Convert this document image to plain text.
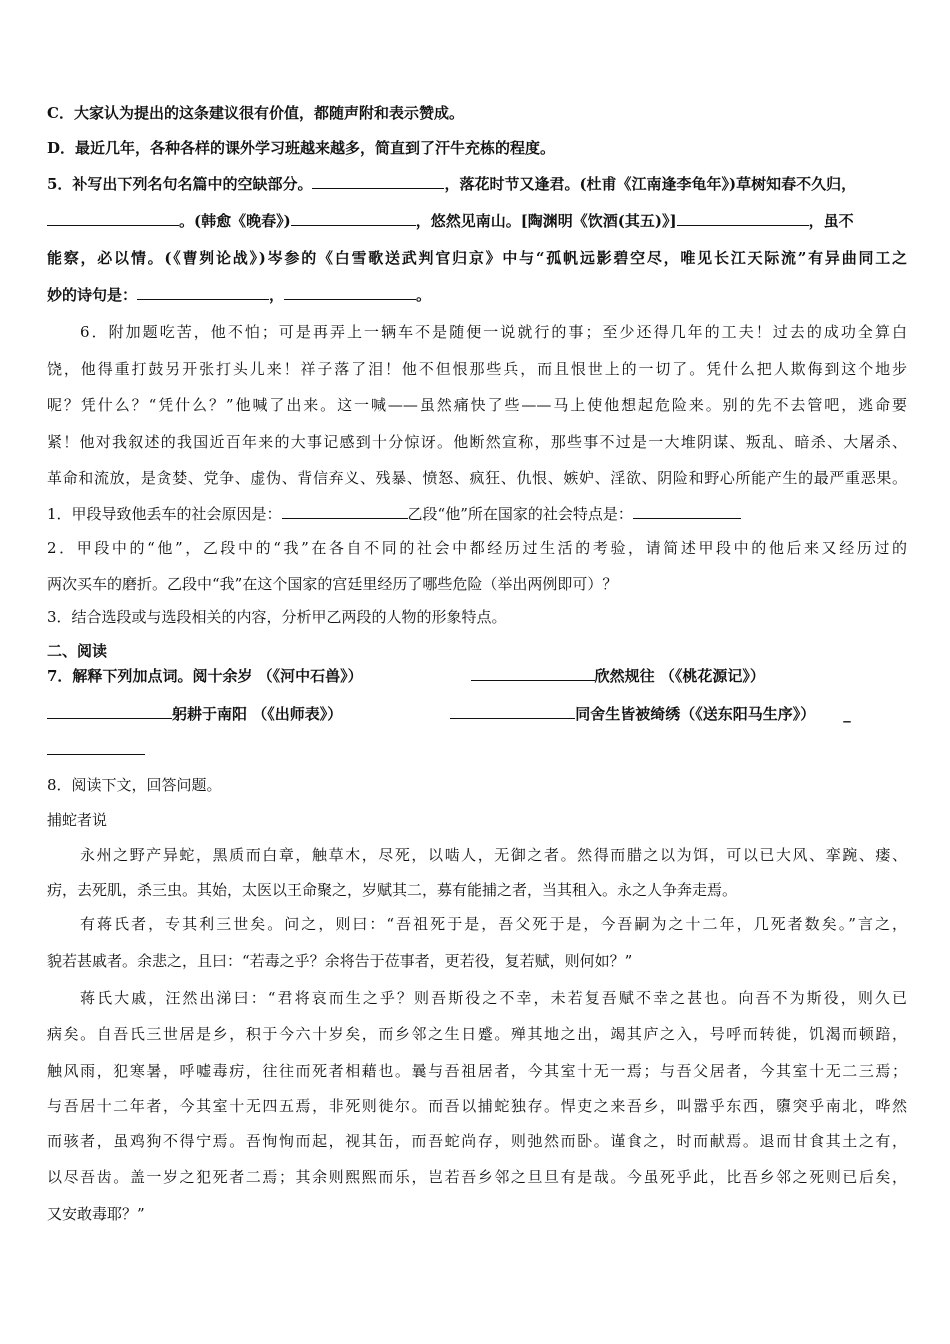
C．大家认为提出的这条建议很有价值，都随声附和表示赞成。
D．最近几年，各种各样的课外学习班越来越多，简直到了汗牛充栋的程度。
5．补写出下列名句名篇中的空缺部分。	，落花时节又逢君。(杜甫《江南逢李龟年》)草树知春不久归，
。(韩愈《晚春》)	，悠然见南山。[陶渊明《饮酒(其五)》]	，虽不
能察，必以情。(《曹刿论战》)岑参的《白雪歌送武判官归京》中与“孤帆远影碧空尽，唯见长江天际流”有异曲同工之
妙的诗句是：	，	。
6．附加题吃苦，他不怕；可是再弄上一辆车不是随便一说就行的事；至少还得几年的工夫！过去的成功全算白
饶，他得重打鼓另开张打头儿来！祥子落了泪！他不但恨那些兵，而且恨世上的一切了。凭什么把人欺侮到这个地步
呢？凭什么？“凭什么？”他喊了出来。这一喊——虽然痛快了些——马上使他想起危险来。别的先不去管吧，逃命要
紧！他对我叙述的我国近百年来的大事记感到十分惊讶。他断然宣称，那些事不过是一大堆阴谋、叛乱、暗杀、大屠杀、
革命和流放，是贪婪、党争、虚伪、背信弃义、残暴、愤怒、疯狂、仇恨、嫉妒、淫欲、阴险和野心所能产生的最严重恶果。
1．甲段导致他丢车的社会原因是：	乙段“他”所在国家的社会特点是：
2．甲段中的“他”，乙段中的“我”在各自不同的社会中都经历过生活的考验，请简述甲段中的他后来又经历过的
两次买车的磨折。乙段中“我”在这个国家的宫廷里经历了哪些危险（举出两例即可）？
3．结合选段或与选段相关的内容，分析甲乙两段的人物的形象特点。
二、阅读
7．解释下列加点词。阅十余岁 （《河中石兽》）	欣然规往 （《桃花源记》）
躬耕于南阳 （《出师表》）	同舍生皆被绮绣（《送东阳马生序》） _
8．阅读下文，回答问题。
捕蛇者说
永州之野产异蛇，黑质而白章，触草木，尽死，以啮人，无御之者。然得而腊之以为饵，可以已大风、挛踠、瘘、
疠，去死肌，杀三虫。其始，太医以王命聚之，岁赋其二，募有能捕之者，当其租入。永之人争奔走焉。
有蒋氏者，专其利三世矣。问之，则曰：“吾祖死于是，吾父死于是，今吾嗣为之十二年，几死者数矣。”言之，
貌若甚戚者。余悲之，且曰：“若毒之乎？余将告于莅事者，更若役，复若赋，则何如？”
蒋氏大戚，汪然出涕曰：“君将哀而生之乎？则吾斯役之不幸，未若复吾赋不幸之甚也。向吾不为斯役，则久已
病矣。自吾氏三世居是乡，积于今六十岁矣，而乡邻之生日蹙。殚其地之出，竭其庐之入，号呼而转徙，饥渴而顿踣，
触风雨，犯寒暑，呼嘘毒疠，往往而死者相藉也。曩与吾祖居者，今其室十无一焉；与吾父居者，今其室十无二三焉；
与吾居十二年者，今其室十无四五焉，非死则徙尔。而吾以捕蛇独存。悍吏之来吾乡，叫嚣乎东西，隳突乎南北，哗然
而骇者，虽鸡狗不得宁焉。吾恂恂而起，视其缶，而吾蛇尚存，则弛然而卧。谨食之，时而献焉。退而甘食其土之有，
以尽吾齿。盖一岁之犯死者二焉；其余则熙熙而乐，岂若吾乡邻之旦旦有是哉。今虽死乎此，比吾乡邻之死则已后矣，
又安敢毒耶？”
